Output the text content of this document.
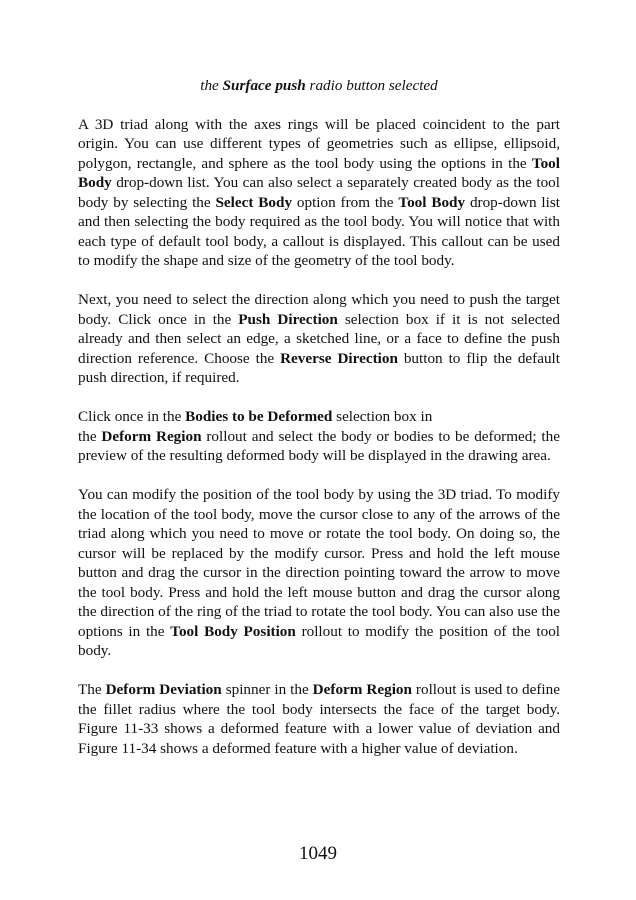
the Surface push radio button selected

A 3D triad along with the axes rings will be placed coincident to the part origin. You can use different types of geometries such as ellipse, ellipsoid, polygon, rectangle, and sphere as the tool body using the options in the Tool Body drop-down list. You can also select a separately created body as the tool body by selecting the Select Body option from the Tool Body drop-down list and then selecting the body required as the tool body. You will notice that with each type of default tool body, a callout is displayed. This callout can be used to modify the shape and size of the geometry of the tool body.

Next, you need to select the direction along which you need to push the target body. Click once in the Push Direction selection box if it is not selected already and then select an edge, a sketched line, or a face to define the push direction reference. Choose the Reverse Direction button to flip the default push direction, if required.

Click once in the Bodies to be Deformed selection box in
the Deform Region rollout and select the body or bodies to be deformed; the preview of the resulting deformed body will be displayed in the drawing area.

You can modify the position of the tool body by using the 3D triad. To modify the location of the tool body, move the cursor close to any of the arrows of the triad along which you need to move or rotate the tool body. On doing so, the cursor will be replaced by the modify cursor. Press and hold the left mouse button and drag the cursor in the direction pointing toward the arrow to move the tool body. Press and hold the left mouse button and drag the cursor along the direction of the ring of the triad to rotate the tool body. You can also use the options in the Tool Body Position rollout to modify the position of the tool body.

The Deform Deviation spinner in the Deform Region rollout is used to define the fillet radius where the tool body intersects the face of the target body. Figure 11-33 shows a deformed feature with a lower value of deviation and Figure 11-34 shows a deformed feature with a higher value of deviation.

1049
